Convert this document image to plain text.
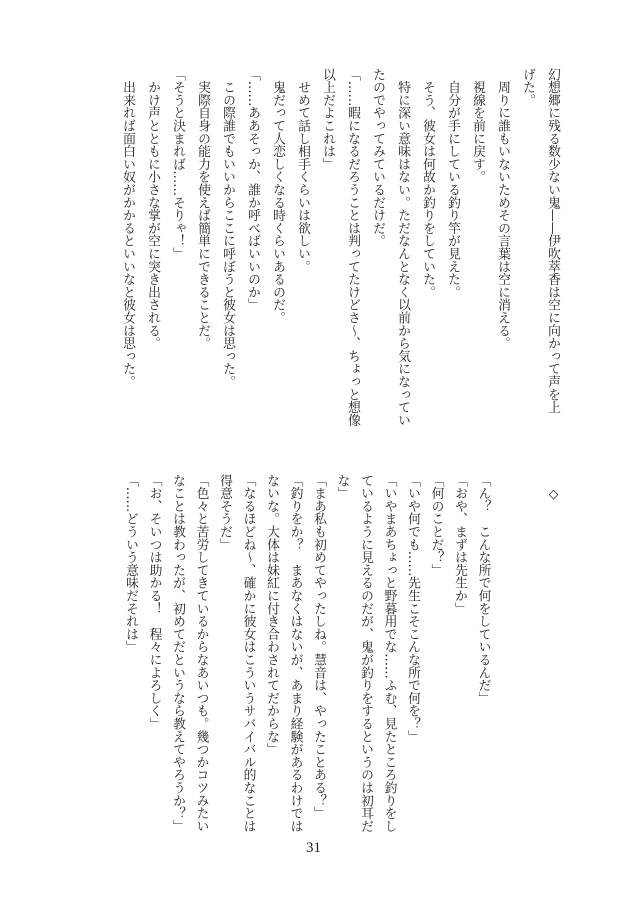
幻想郷に残る数少ない鬼——伊吹萃香は空に向かって声を上
げた。
　周りに誰もいないためその言葉は空に消える。
　視線を前に戻す。
　自分が手にしている釣り竿が見えた。
　そう、彼女は何故か釣りをしていた。
　特に深い意味はない。ただなんとなく以前から気になってい
たのでやってみているだけだ。
「……暇になるだろうことは判ってたけどさ～、ちょっと想像
以上だよこれは」
　せめて話し相手くらいは欲しい。
　鬼だって人恋しくなる時くらいあるのだ。
「……ああそっか、誰か呼べばいいのか」
　この際誰でもいいからここに呼ぼうと彼女は思った。
　実際自身の能力を使えば簡単にできることだ。
「そうと決まれば……そりゃ！」
　かけ声とともに小さな掌が空に突き出される。
　出来れば面白い奴がかかるといいなと彼女は思った。
　◇
「ん？　こんな所で何をしているんだ」
「おや、まずは先生か」
「何のことだ？」
「いや何でも……先生こそこんな所で何を？」
「いやまあちょっと野暮用でな……ふむ、見たところ釣りをし
ているように見えるのだが、鬼が釣りをするというのは初耳だ
な」
「まあ私も初めてやったしね。慧音は、やったことある？」
「釣りをか？　まあなくはないが、あまり経験があるわけでは
ないな。大体は妹紅に付き合わされてだからな」
「なるほどね～、確かに彼女はこういうサバイバル的なことは
得意そうだ」
「色々と苦労してきているからなあいつも。幾つかコツみたい
なことは教わったが、初めてだというなら教えてやろうか？」
「お、そいつは助かる！　程々によろしく」
「……どういう意味だそれは」
31
